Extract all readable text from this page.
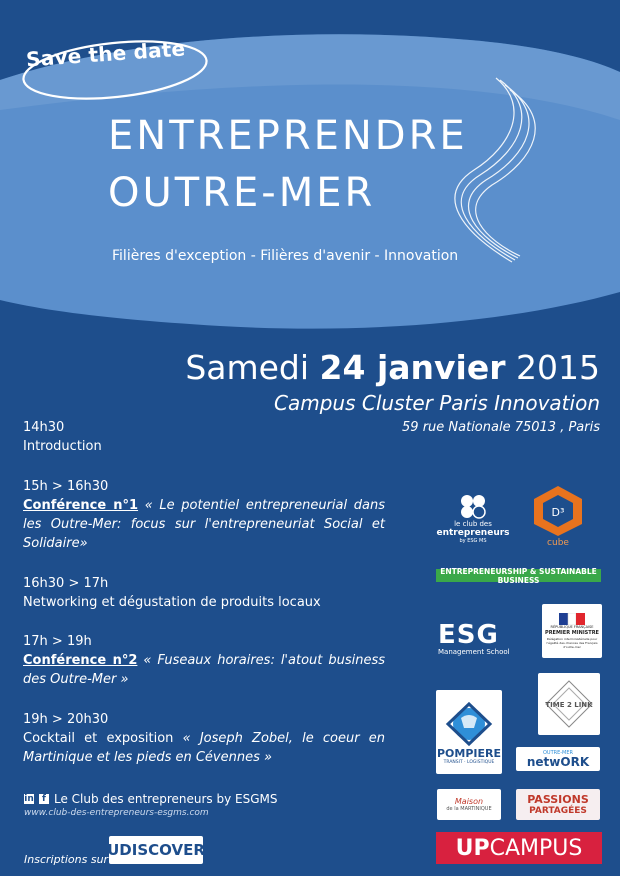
Save the date
ENTREPRENDRE
OUTRE-MER
Filières d'exception - Filières d'avenir - Innovation
Samedi 24 janvier 2015
Campus Cluster Paris Innovation
59 rue Nationale 75013 , Paris
14h30
Introduction
15h > 16h30
Conférence n°1 « Le potentiel entrepreneurial dans les Outre-Mer: focus sur l'entrepreneuriat Social et Solidaire»
16h30 > 17h
Networking et dégustation de produits locaux
17h > 19h
Conférence n°2 « Fuseaux horaires: l'atout business des Outre-Mer »
19h > 20h30
Cocktail et exposition « Joseph Zobel, le coeur en Martinique et les pieds en Cévennes »
in f Le Club des entrepreneurs by ESGMS
www.club-des-entrepreneurs-esgms.com
Inscriptions sur
UDISCOVER
le club des
entrepreneurs
by ESG MS
D³
cube
ENTREPRENEURSHIP & SUSTAINABLE BUSINESS
ESG
Management School
RÉPUBLIQUE FRANÇAISE
PREMIER MINISTRE
Délégation interministérielle pour l'égalité des chances des Français d'outre-mer
POMPIERE
TRANSIT · LOGISTIQUE
TIME 2 LINK
OUTRE-MER
netwORK
Maison
de la MARTINIQUE
PASSIONS
PARTAGÉES
UP CAMPUS
